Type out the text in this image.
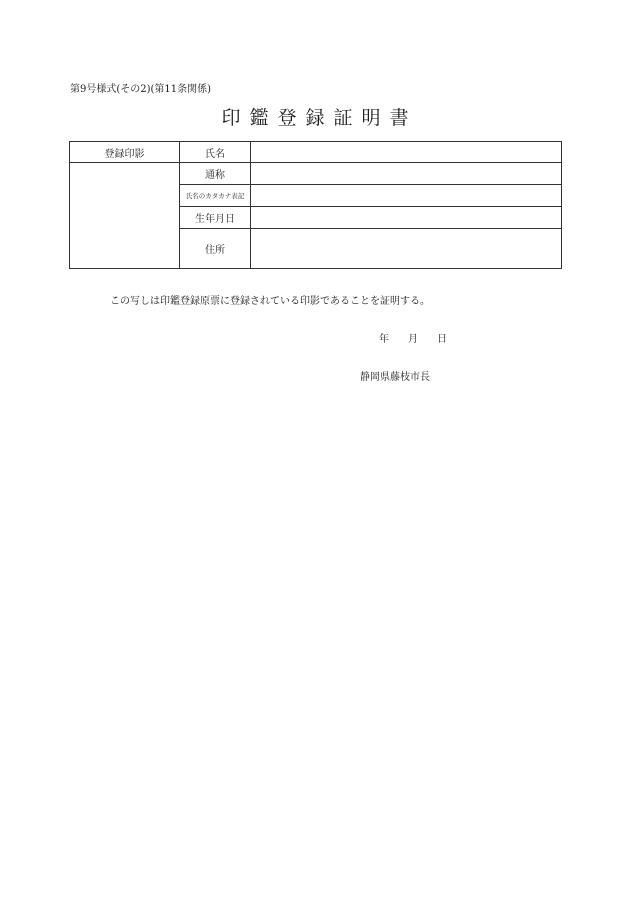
第9号様式(その2)(第11条関係)
印鑑登録証明書
登録印影	氏名	
	通称	
	氏名のカタカナ表記	
	生年月日	
	住所	
この写しは印鑑登録原票に登録されている印影であることを証明する。
年 月 日
静岡県藤枝市長
